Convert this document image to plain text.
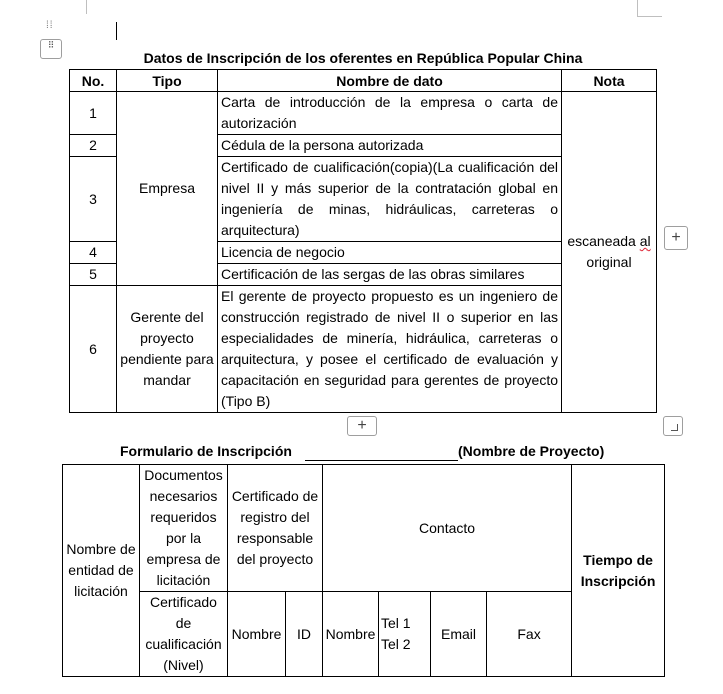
⁞⁞
⠿
Datos de Inscripción de los oferentes en República Popular China
No.	Tipo	Nombre de dato	Nota
1	Empresa	Carta de introducción de la empresa o carta de autorización	escaneada al
original
2		Cédula de la persona autorizada	
3		Certificado de cualificación(copia)(La cualificación del nivel II y más superior de la contratación global en ingeniería de minas, hidráulicas, carreteras o arquitectura)	
4		Licencia de negocio	
5		Certificación de las sergas de las obras similares	
6	Gerente del proyecto pendiente para mandar	El gerente de proyecto propuesto es un ingeniero de construcción registrado de nivel II o superior en las especialidades de minería, hidráulica, carreteras o arquitectura, y posee el certificado de evaluación y capacitación en seguridad para gerentes de proyecto (Tipo B)	
+
+
Formulario de Inscripción	(Nombre de Proyecto)
Nombre de entidad de licitación	Documentos necesarios requeridos por la empresa de licitación	Certificado de registro del responsable del proyecto		Contacto				Tiempo de Inscripción
	Certificado de cualificación (Nivel)	Nombre	ID	Nombre	Tel 1 Tel 2	Email	Fax	
